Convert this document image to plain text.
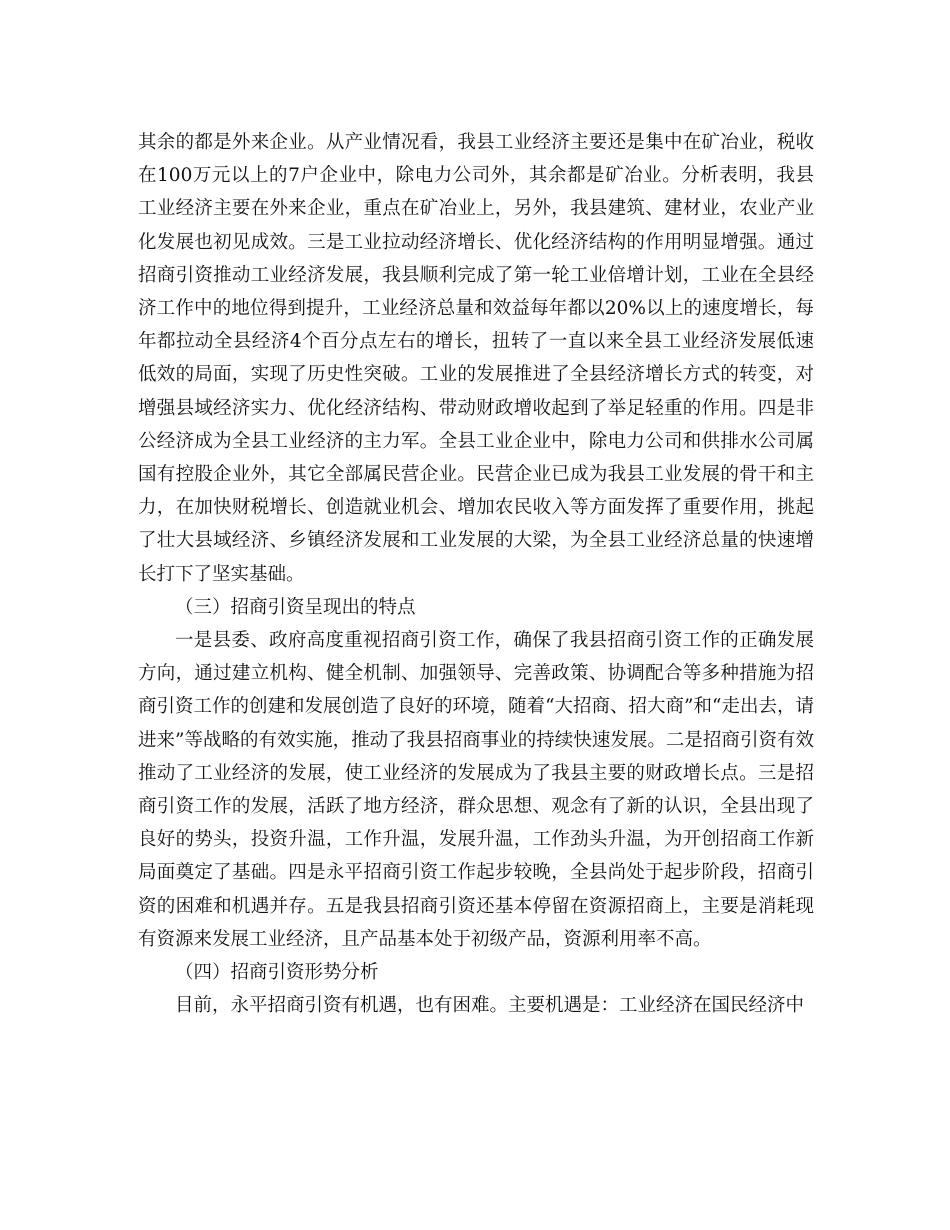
其余的都是外来企业。从产业情况看，我县工业经济主要还是集中在矿冶业，税收在100万元以上的7户企业中，除电力公司外，其余都是矿冶业。分析表明，我县工业经济主要在外来企业，重点在矿冶业上，另外，我县建筑、建材业，农业产业化发展也初见成效。三是工业拉动经济增长、优化经济结构的作用明显增强。通过招商引资推动工业经济发展，我县顺利完成了第一轮工业倍增计划，工业在全县经济工作中的地位得到提升，工业经济总量和效益每年都以20%以上的速度增长，每年都拉动全县经济4个百分点左右的增长，扭转了一直以来全县工业经济发展低速低效的局面，实现了历史性突破。工业的发展推进了全县经济增长方式的转变，对增强县域经济实力、优化经济结构、带动财政增收起到了举足轻重的作用。四是非公经济成为全县工业经济的主力军。全县工业企业中，除电力公司和供排水公司属国有控股企业外，其它全部属民营企业。民营企业已成为我县工业发展的骨干和主力，在加快财税增长、创造就业机会、增加农民收入等方面发挥了重要作用，挑起了壮大县域经济、乡镇经济发展和工业发展的大梁，为全县工业经济总量的快速增长打下了坚实基础。

（三）招商引资呈现出的特点

一是县委、政府高度重视招商引资工作，确保了我县招商引资工作的正确发展方向，通过建立机构、健全机制、加强领导、完善政策、协调配合等多种措施为招商引资工作的创建和发展创造了良好的环境，随着“大招商、招大商”和“走出去，请进来”等战略的有效实施，推动了我县招商事业的持续快速发展。二是招商引资有效推动了工业经济的发展，使工业经济的发展成为了我县主要的财政增长点。三是招商引资工作的发展，活跃了地方经济，群众思想、观念有了新的认识，全县出现了良好的势头，投资升温，工作升温，发展升温，工作劲头升温，为开创招商工作新局面奠定了基础。四是永平招商引资工作起步较晚，全县尚处于起步阶段，招商引资的困难和机遇并存。五是我县招商引资还基本停留在资源招商上，主要是消耗现有资源来发展工业经济，且产品基本处于初级产品，资源利用率不高。

（四）招商引资形势分析

目前，永平招商引资有机遇，也有困难。主要机遇是：工业经济在国民经济中
